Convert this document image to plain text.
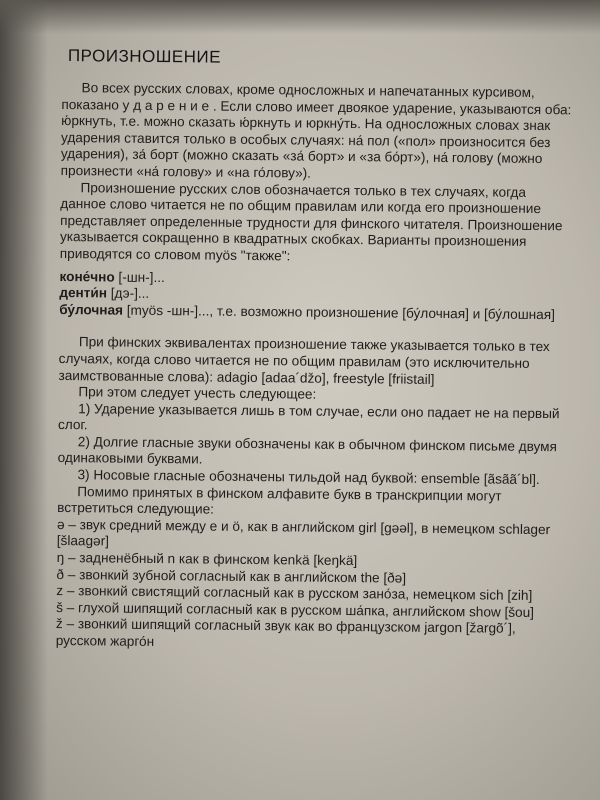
ПРОИЗНОШЕНИЕ

Во всех русских словах, кроме односложных и напечатанных курсивом, показано у д а р е н и е . Если слово имеет двоякое ударение, указываются оба: ю́ркнуть, т.е. можно сказать ю́ркнуть и юркну́ть. На односложных словах знак ударения ставится только в особых случаях: на́ пол («пол» произносится без ударения), за́ борт (можно сказать «за́ борт» и «за бо́рт»), на́ голову (можно произнести «на́ голову» и «на го́лову»).

Произношение русских слов обозначается только в тех случаях, когда данное слово читается не по общим правилам или когда его произношение представляет определенные трудности для финского читателя. Произношение указывается сокращенно в квадратных скобках. Варианты произношения приводятся со словом myös "также":

коне́чно [-шн-]...
денти́н [дэ-]...
бу́лочная [myös -шн-]..., т.е. возможно произношение [бу́лочная] и [бу́лошная]

При финских эквивалентах произношение также указывается только в тех случаях, когда слово читается не по общим правилам (это исключительно заимствованные слова): adagio [adaa´džo], freestyle [friistail]

При этом следует учесть следующее:

1) Ударение указывается лишь в том случае, если оно падает не на первый слог.

2) Долгие гласные звуки обозначены как в обычном финском письме двумя одинаковыми буквами.

3) Носовые гласные обозначены тильдой над буквой: ensemble [ãsãã´bl].

Помимо принятых в финском алфавите букв в транскрипции могут встретиться следующие:

ə – звук средний между е и ö, как в английском girl [gəəl], в немецком schlager [šlaagər]

ŋ – задненёбный n как в финском kenkä [keŋkä]

ð – звонкий зубной согласный как в английском the [ðə]

z – звонкий свистящий согласный как в русском зано́за, немецком sich [zih]

š – глухой шипящий согласный как в русском ша́пка, английском show [šou]

ž – звонкий шипящий согласный звук как во французском jargon [žargõ´], русском жарго́н
